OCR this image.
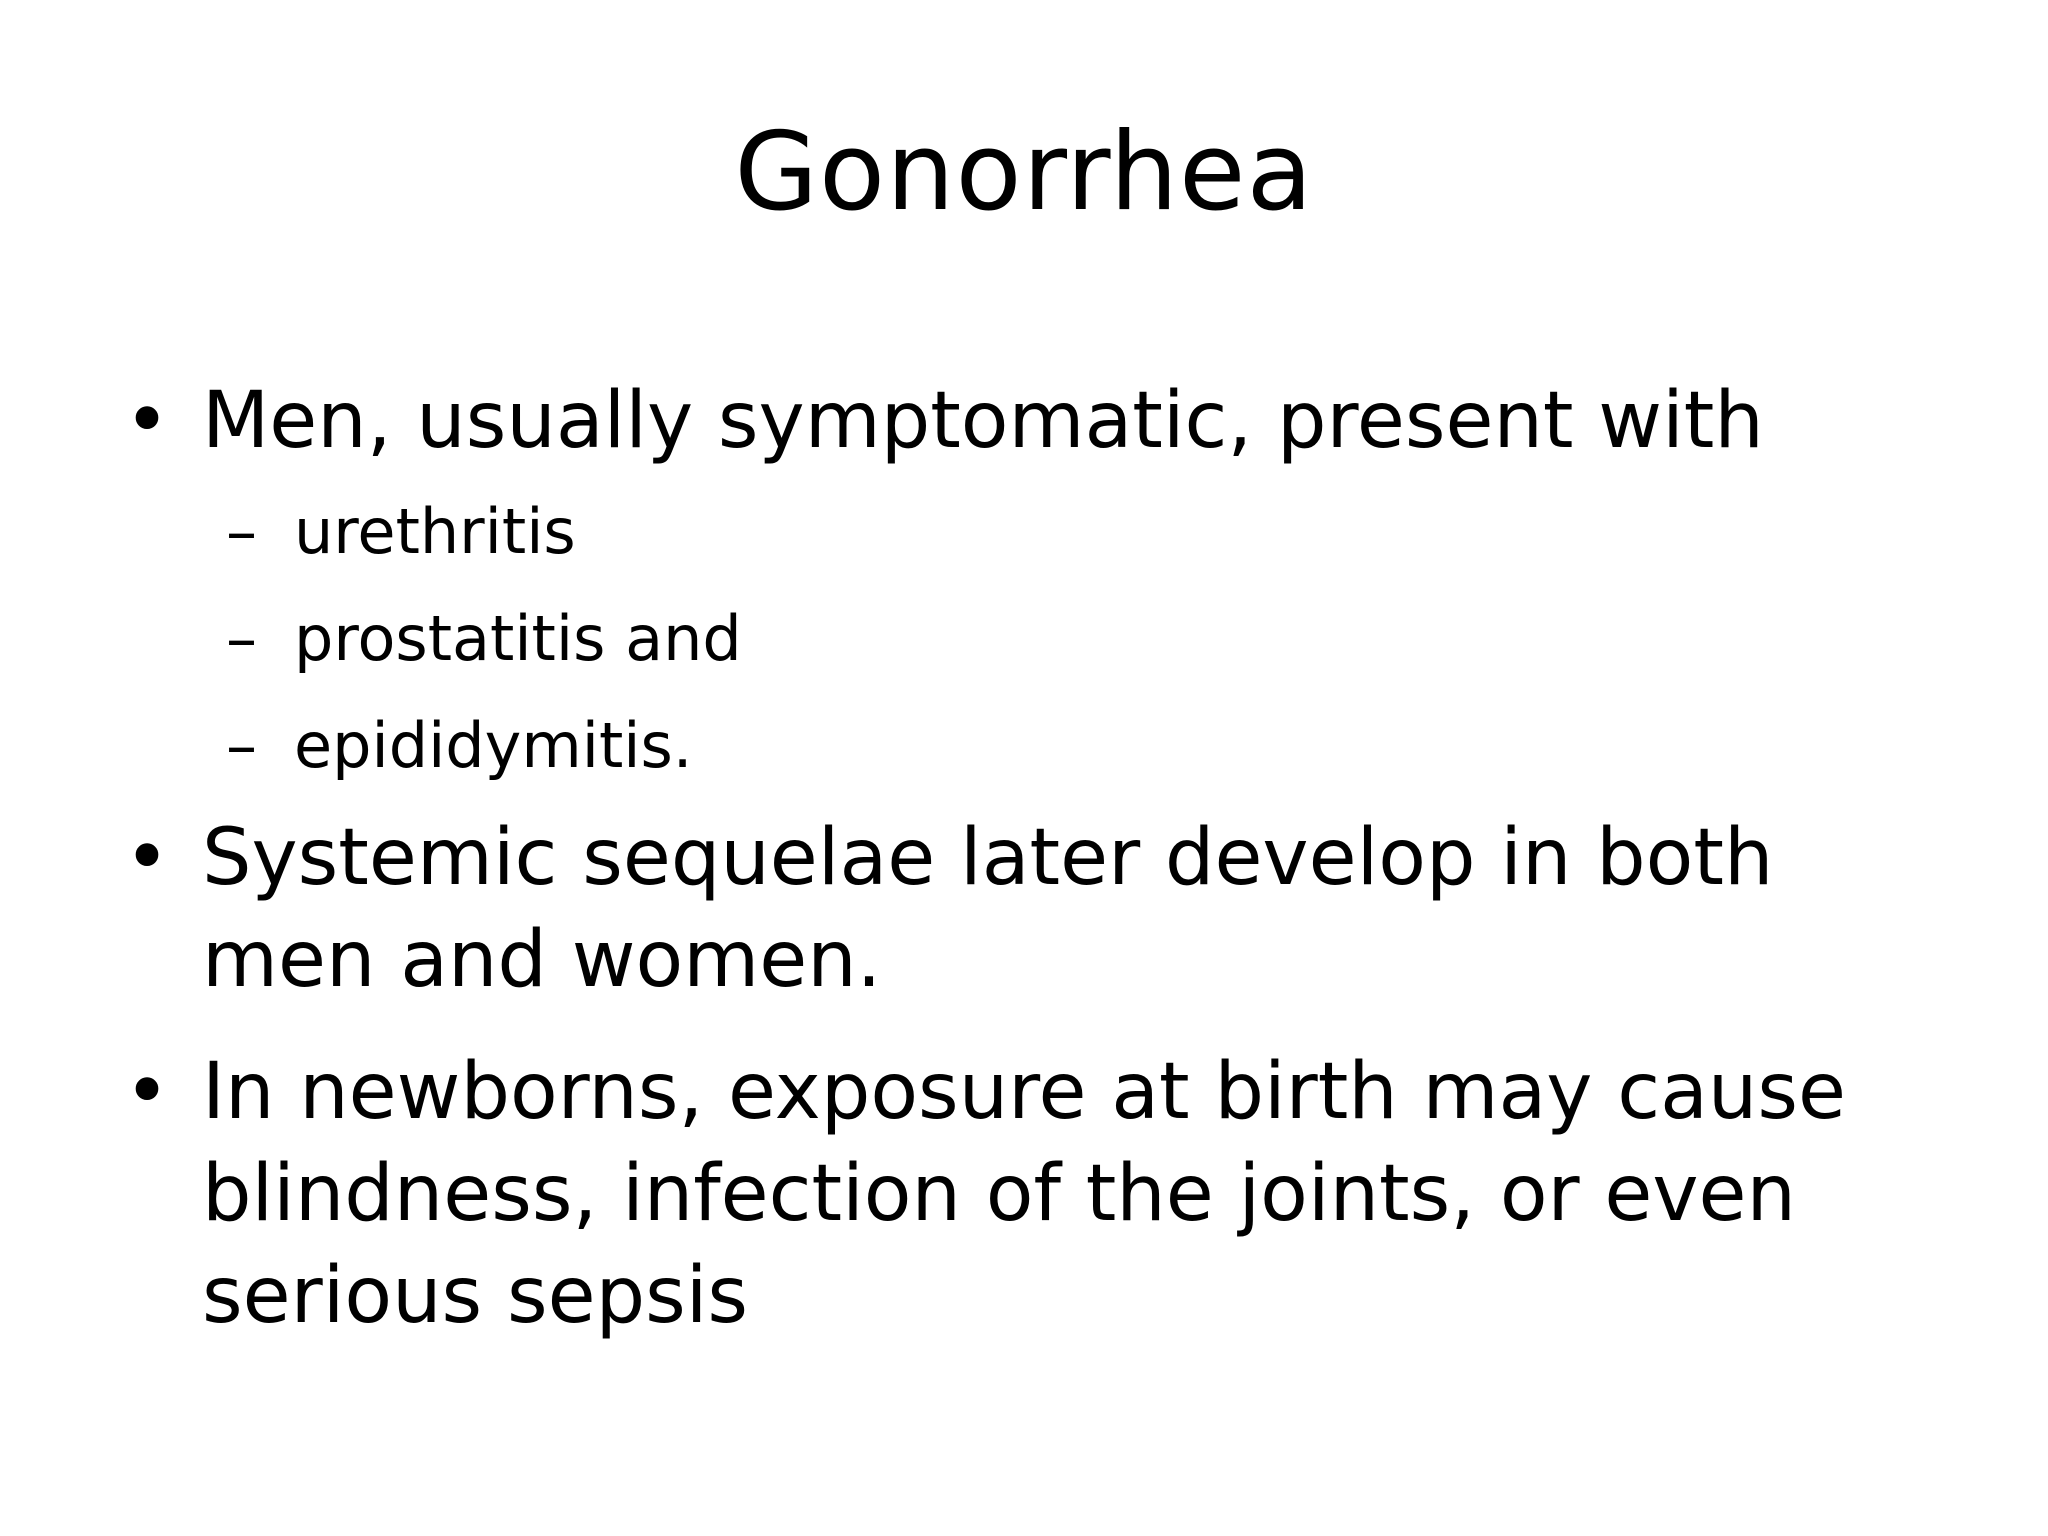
Gonorrhea
• Men, usually symptomatic, present with
– urethritis
– prostatitis and
– epididymitis.
• Systemic sequelae later develop in both men and women.
• In newborns, exposure at birth may cause blindness, infection of the joints, or even serious sepsis
